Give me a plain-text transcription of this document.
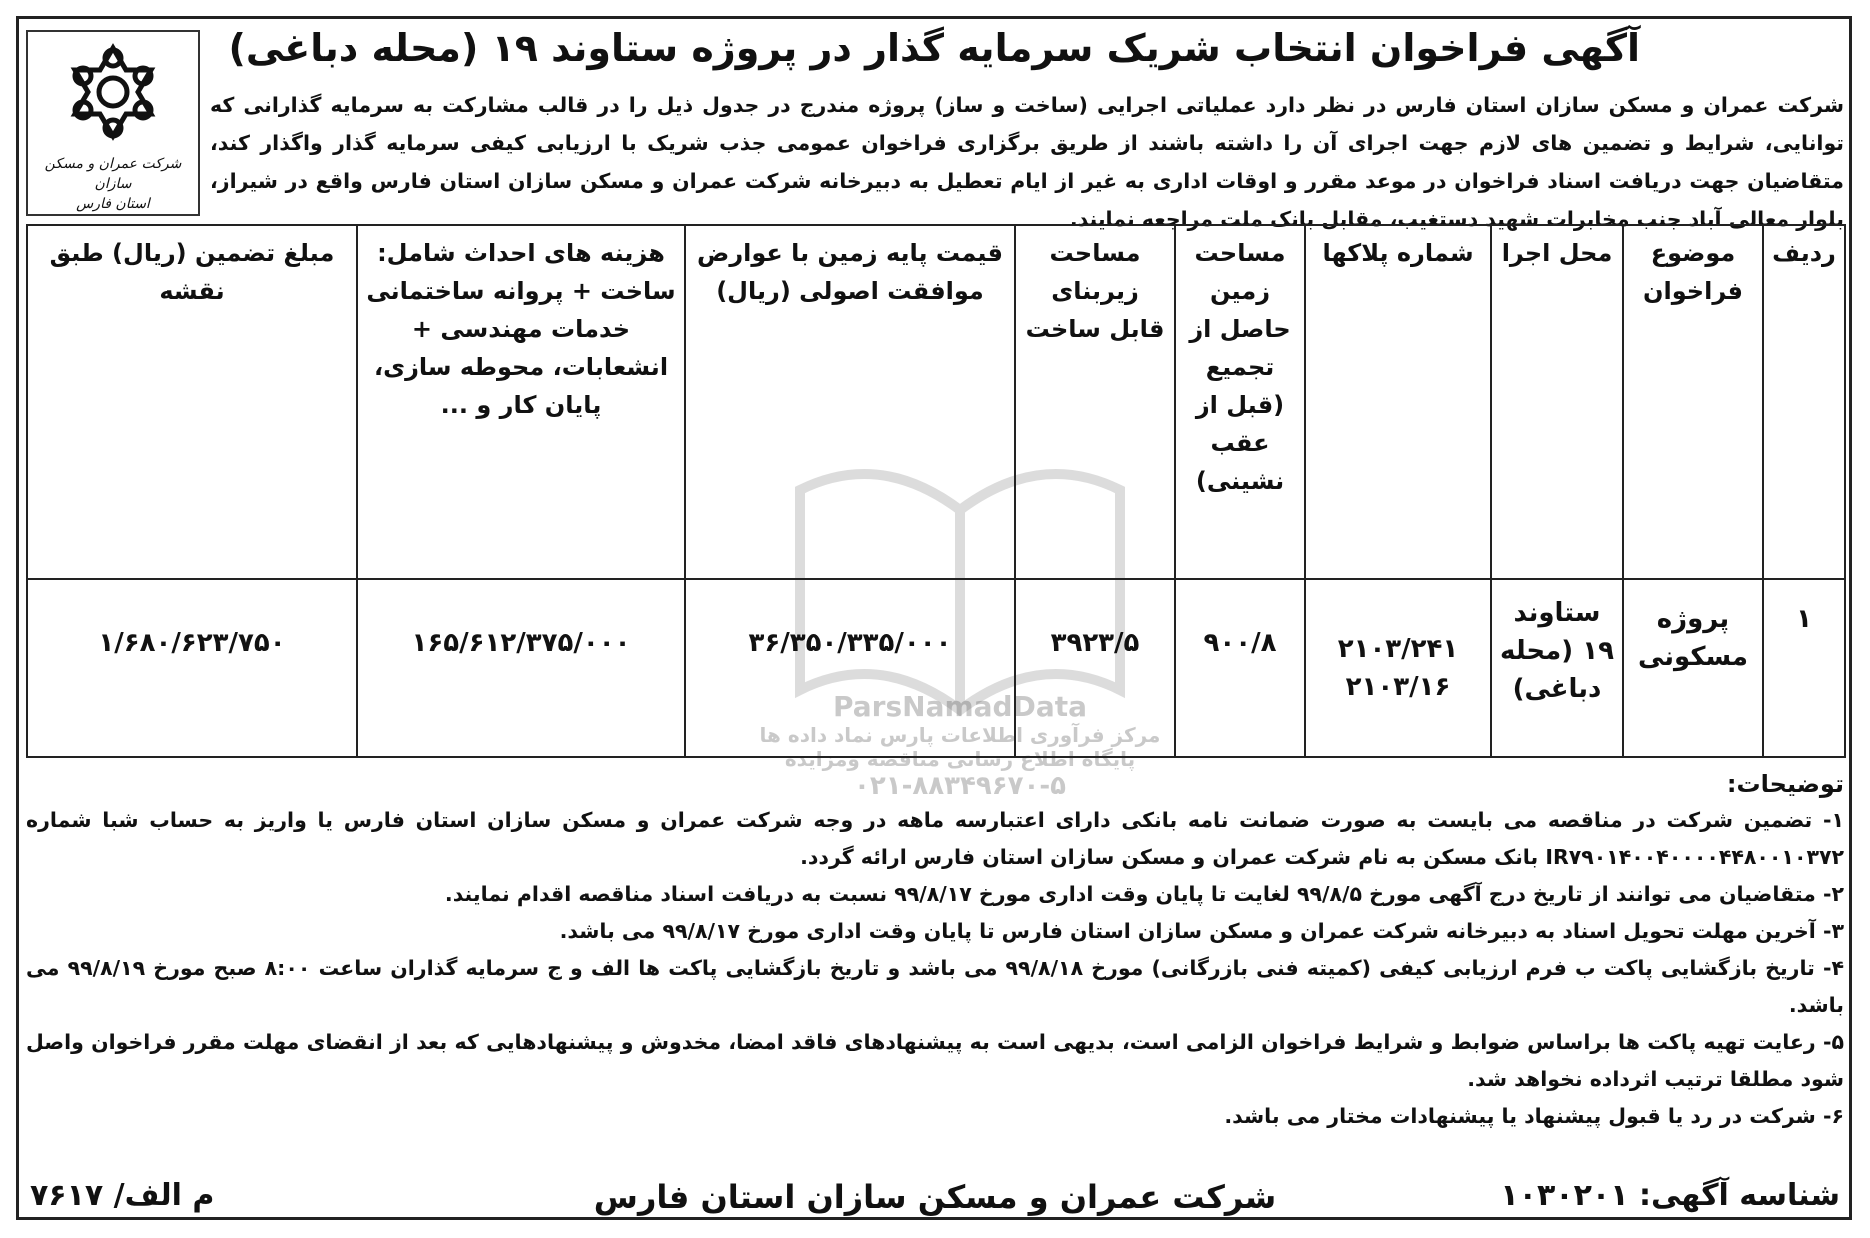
شرکت عمران و مسکن سازان
استان فارس
آگهی فراخوان انتخاب شریک سرمایه گذار در پروژه ستاوند ۱۹ (محله دباغی)
شرکت عمران و مسکن سازان استان فارس در نظر دارد عملیاتی اجرایی (ساخت و ساز) پروژه مندرج در جدول ذیل را در قالب مشارکت به سرمایه گذارانی که توانایی، شرایط و تضمین های لازم جهت اجرای آن را داشته باشند از طریق برگزاری فراخوان عمومی جذب شریک با ارزیابی کیفی سرمایه گذار واگذار کند، متقاضیان جهت دریافت اسناد فراخوان در موعد مقرر و اوقات اداری به غیر از ایام تعطیل به دبیرخانه شرکت عمران و مسکن سازان استان فارس واقع در شیراز، بلوار معالی آباد جنب مخابرات شهید دستغیب، مقابل بانک ملت مراجعه نمایند.
ParsNamadData
مرکز فرآوری اطلاعات پارس نماد داده ها
پایگاه اطلاع رسانی مناقصه ومزایده
۰۲۱-۸۸۳۴۹۶۷۰-۵
ردیف	موضوع فراخوان	محل اجرا	شماره پلاکها	مساحت زمین حاصل از تجمیع (قبل از عقب نشینی)	مساحت زیربنای قابل ساخت	قیمت پایه زمین با عوارض موافقت اصولی (ریال)	هزینه های احداث شامل: ساخت + پروانه ساختمانی خدمات مهندسی + انشعابات، محوطه سازی، پایان کار و ...	مبلغ تضمین (ریال) طبق نقشه
۱	پروژه مسکونی	ستاوند ۱۹ (محله دباغی)	۲۱۰۳/۲۴۱ ۲۱۰۳/۱۶	۹۰۰/۸	۳۹۲۳/۵	۳۶/۳۵۰/۳۳۵/۰۰۰	۱۶۵/۶۱۲/۳۷۵/۰۰۰	۱/۶۸۰/۶۲۳/۷۵۰
توضیحات:
۱- تضمین شرکت در مناقصه می بایست به صورت ضمانت نامه بانکی دارای اعتبارسه ماهه در وجه شرکت عمران و مسکن سازان استان فارس یا واریز به حساب شبا شماره IR۷۹۰۱۴۰۰۴۰۰۰۰۴۴۸۰۰۱۰۳۷۲ بانک مسکن به نام شرکت عمران و مسکن سازان استان فارس ارائه گردد.
۲- متقاضیان می توانند از تاریخ درج آگهی مورخ ۹۹/۸/۵ لغایت تا پایان وقت اداری مورخ ۹۹/۸/۱۷ نسبت به دریافت اسناد مناقصه اقدام نمایند.
۳- آخرین مهلت تحویل اسناد به دبیرخانه شرکت عمران و مسکن سازان استان فارس تا پایان وقت اداری مورخ ۹۹/۸/۱۷ می باشد.
۴- تاریخ بازگشایی پاکت ب فرم ارزیابی کیفی (کمیته فنی بازرگانی) مورخ ۹۹/۸/۱۸ می باشد و تاریخ بازگشایی پاکت ها الف و ج سرمایه گذاران ساعت ۸:۰۰ صبح مورخ ۹۹/۸/۱۹ می باشد.
۵- رعایت تهیه پاکت ها براساس ضوابط و شرایط فراخوان الزامی است، بدیهی است به پیشنهادهای فاقد امضا، مخدوش و پیشنهادهایی که بعد از انقضای مهلت مقرر فراخوان واصل شود مطلقا ترتیب اثرداده نخواهد شد.
۶- شرکت در رد یا قبول پیشنهاد یا پیشنهادات مختار می باشد.
شناسه آگهی: ۱۰۳۰۲۰۱
شرکت عمران و مسکن سازان استان فارس
۷۶۱۷ /م الف
